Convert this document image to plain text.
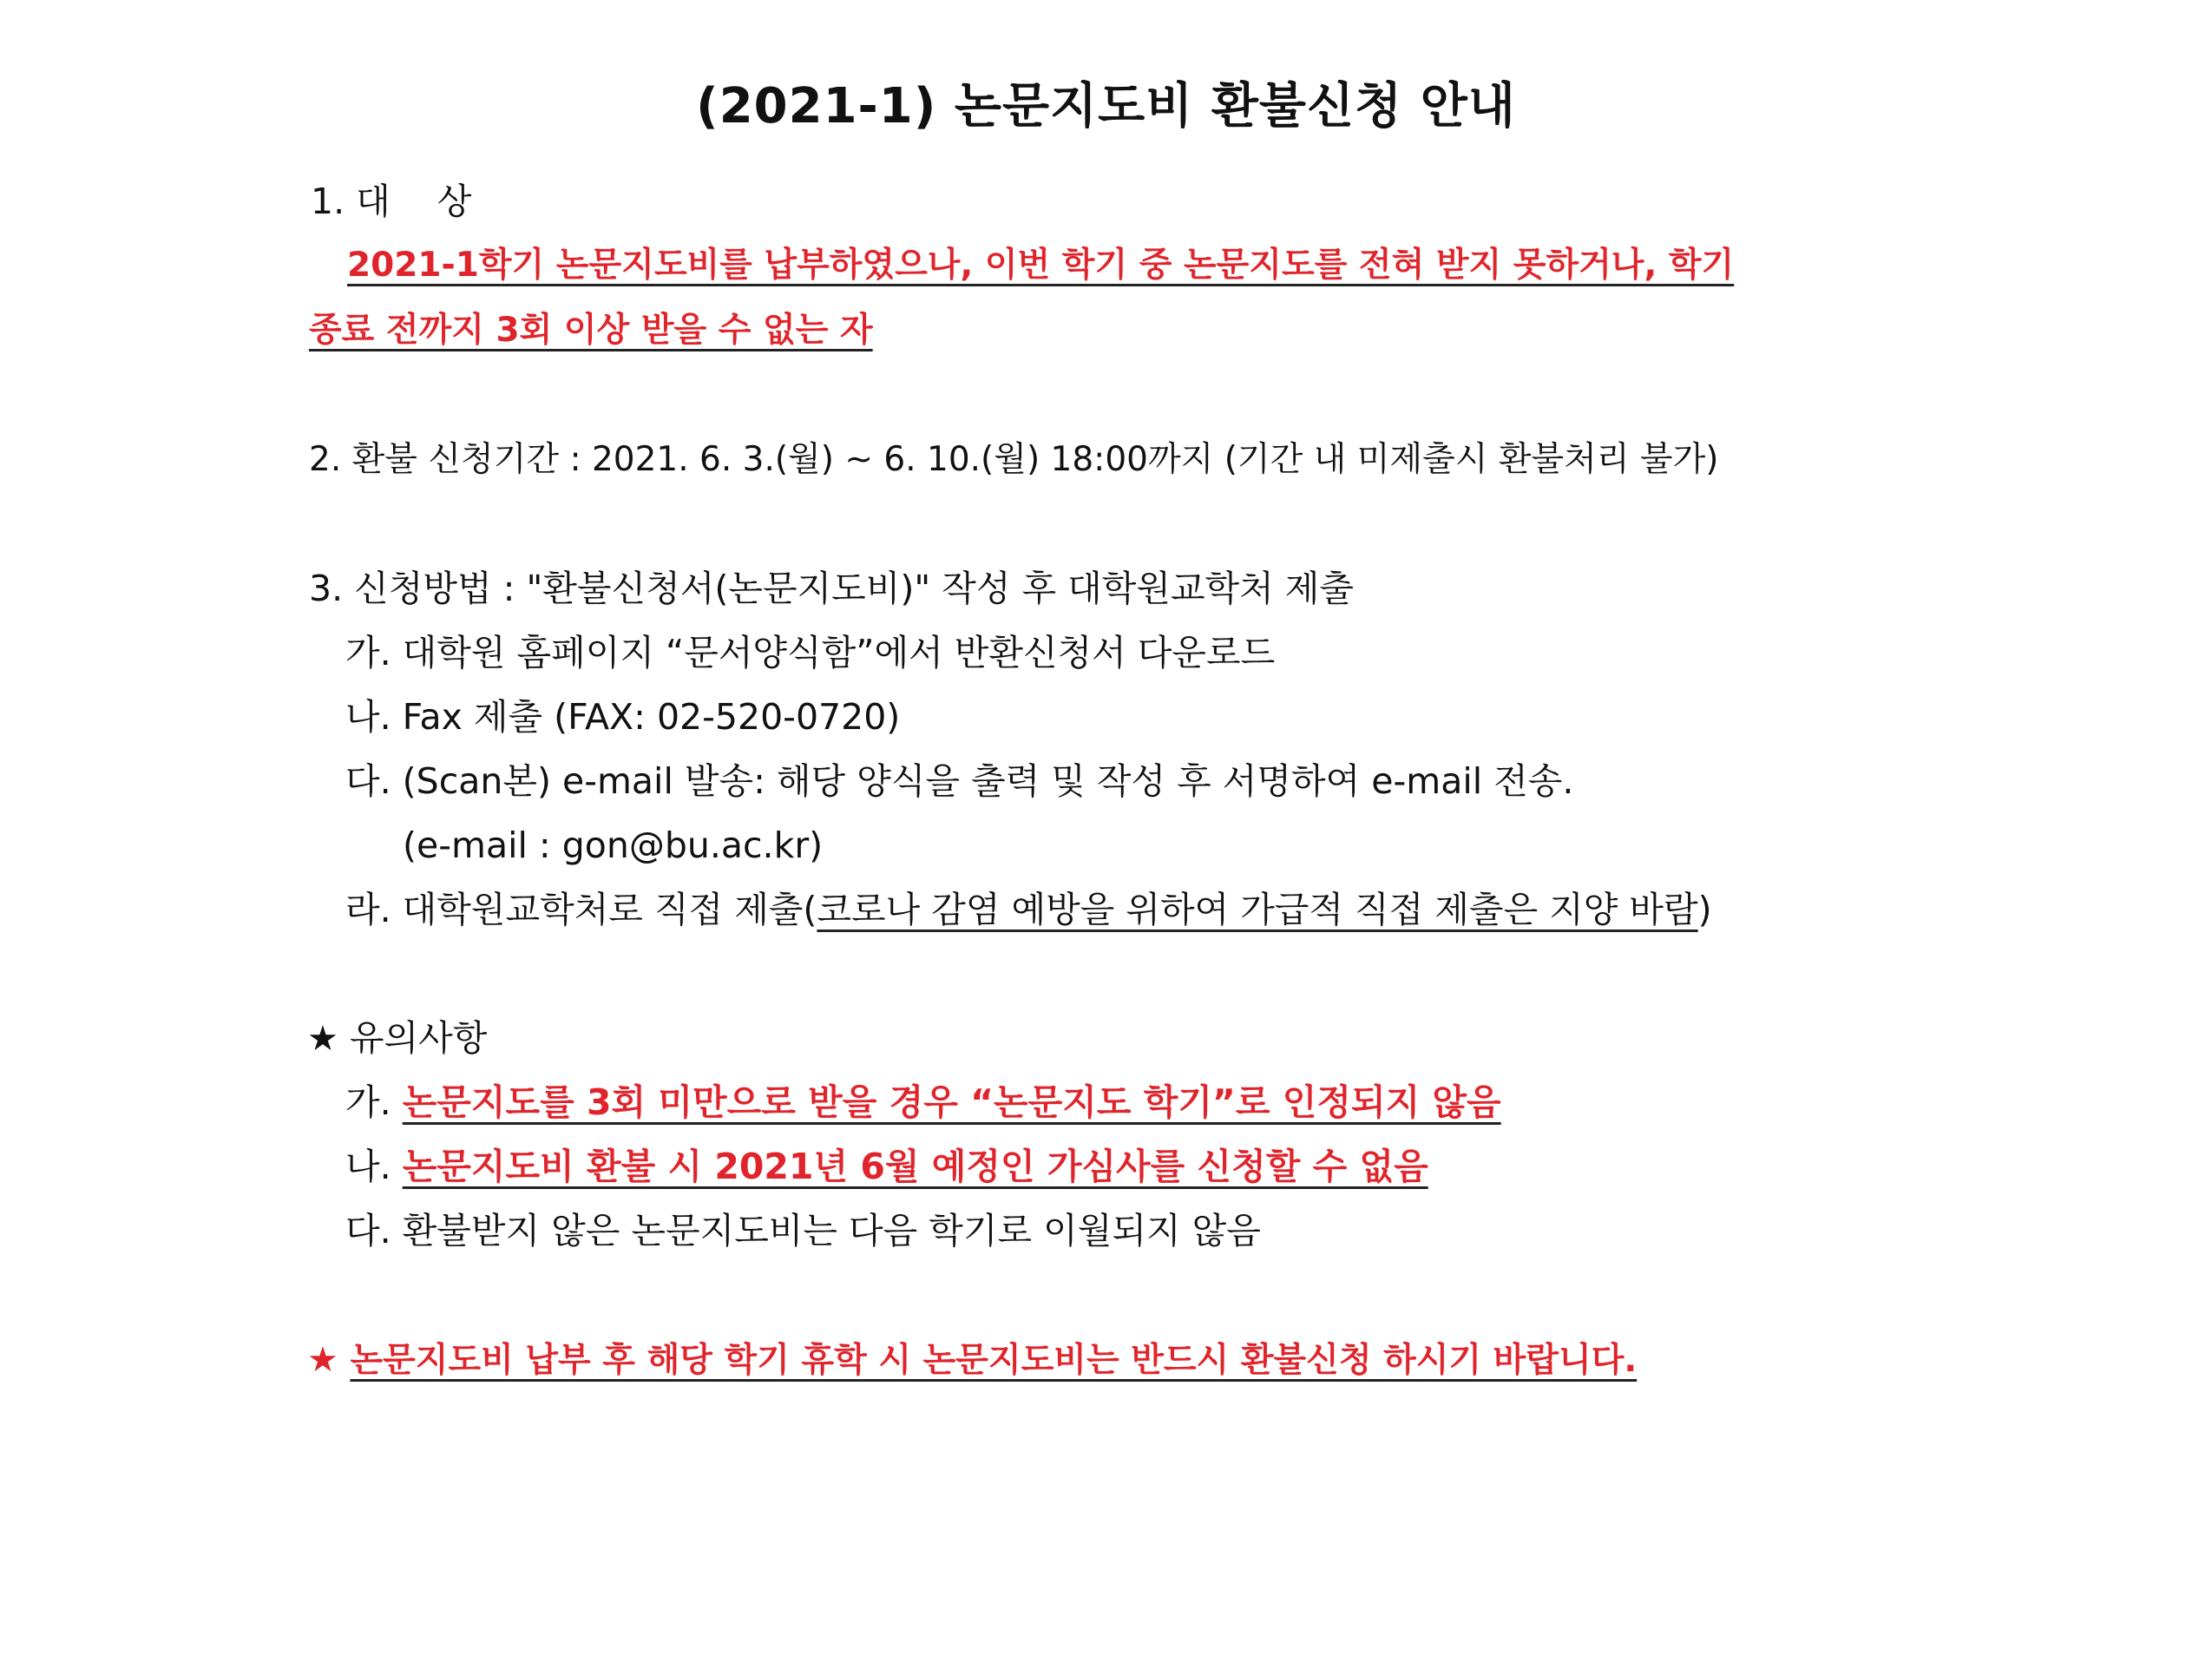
(2021-1) 논문지도비 환불신청 안내
1. 대　 상
2021-1학기 논문지도비를 납부하였으나, 이번 학기 중 논문지도를 전혀 받지 못하거나, 학기
종료 전까지 3회 이상 받을 수 없는 자
2. 환불 신청기간 : 2021. 6. 3.(월) ~ 6. 10.(월) 18:00까지 (기간 내 미제출시 환불처리 불가)
3. 신청방법 : "환불신청서(논문지도비)" 작성 후 대학원교학처 제출
가. 대학원 홈페이지 “문서양식함”에서 반환신청서 다운로드
나. Fax 제출 (FAX: 02-520-0720)
다. (Scan본) e-mail 발송: 해당 양식을 출력 및 작성 후 서명하여 e-mail 전송.
(e-mail : gon@bu.ac.kr)
라. 대학원교학처로 직접 제출(코로나 감염 예방을 위하여 가급적 직접 제출은 지양 바람)
★ 유의사항
가. 논문지도를 3회 미만으로 받을 경우 “논문지도 학기”로 인정되지 않음
나. 논문지도비 환불 시 2021년 6월 예정인 가심사를 신청할 수 없음
다. 환불받지 않은 논문지도비는 다음 학기로 이월되지 않음
★ 논문지도비 납부 후 해당 학기 휴학 시 논문지도비는 반드시 환불신청 하시기 바랍니다.
